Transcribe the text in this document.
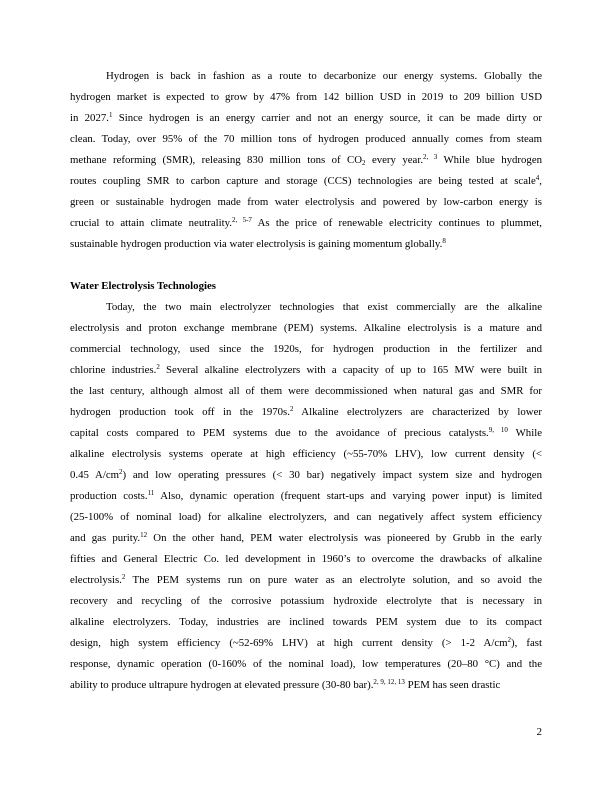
Hydrogen is back in fashion as a route to decarbonize our energy systems. Globally the
hydrogen market is expected to grow by 47% from 142 billion USD in 2019 to 209 billion USD
in 2027.$^1$ Since hydrogen is an energy carrier and not an energy source, it can be made dirty or
clean. Today, over 95% of the 70 million tons of hydrogen produced annually comes from steam
methane reforming (SMR), releasing 830 million tons of $CO_2$ every year.$^{2, 3}$ While blue hydrogen
routes coupling SMR to carbon capture and storage (CCS) technologies are being tested at scale$^4$,
green or sustainable hydrogen made from water electrolysis and powered by low-carbon energy is
crucial to attain climate neutrality.$^{2, 5-7}$ As the price of renewable electricity continues to plummet,
sustainable hydrogen production via water electrolysis is gaining momentum globally.$^8$
Water Electrolysis Technologies
Today, the two main electrolyzer technologies that exist commercially are the alkaline
electrolysis and proton exchange membrane (PEM) systems. Alkaline electrolysis is a mature and
commercial technology, used since the 1920s, for hydrogen production in the fertilizer and
chlorine industries.$^2$ Several alkaline electrolyzers with a capacity of up to 165 MW were built in
the last century, although almost all of them were decommissioned when natural gas and SMR for
hydrogen production took off in the 1970s.$^2$ Alkaline electrolyzers are characterized by lower
capital costs compared to PEM systems due to the avoidance of precious catalysts.$^{9, 10}$ While
alkaline electrolysis systems operate at high efficiency (~55-70% LHV), low current density (<
0.45 $A/cm^2$) and low operating pressures (< 30 bar) negatively impact system size and hydrogen
production costs.$^{11}$ Also, dynamic operation (frequent start-ups and varying power input) is limited
(25-100% of nominal load) for alkaline electrolyzers, and can negatively affect system efficiency
and gas purity.$^{12}$ On the other hand, PEM water electrolysis was pioneered by Grubb in the early
fifties and General Electric Co. led development in 1960’s to overcome the drawbacks of alkaline
electrolysis.$^2$ The PEM systems run on pure water as an electrolyte solution, and so avoid the
recovery and recycling of the corrosive potassium hydroxide electrolyte that is necessary in
alkaline electrolyzers. Today, industries are inclined towards PEM system due to its compact
design, high system efficiency (~52-69% LHV) at high current density (> 1-2 $A/cm^2$), fast
response, dynamic operation (0-160% of the nominal load), low temperatures (20–80 °C) and the
ability to produce ultrapure hydrogen at elevated pressure (30-80 bar).$^{2, 9, 12, 13}$ PEM has seen drastic
2
